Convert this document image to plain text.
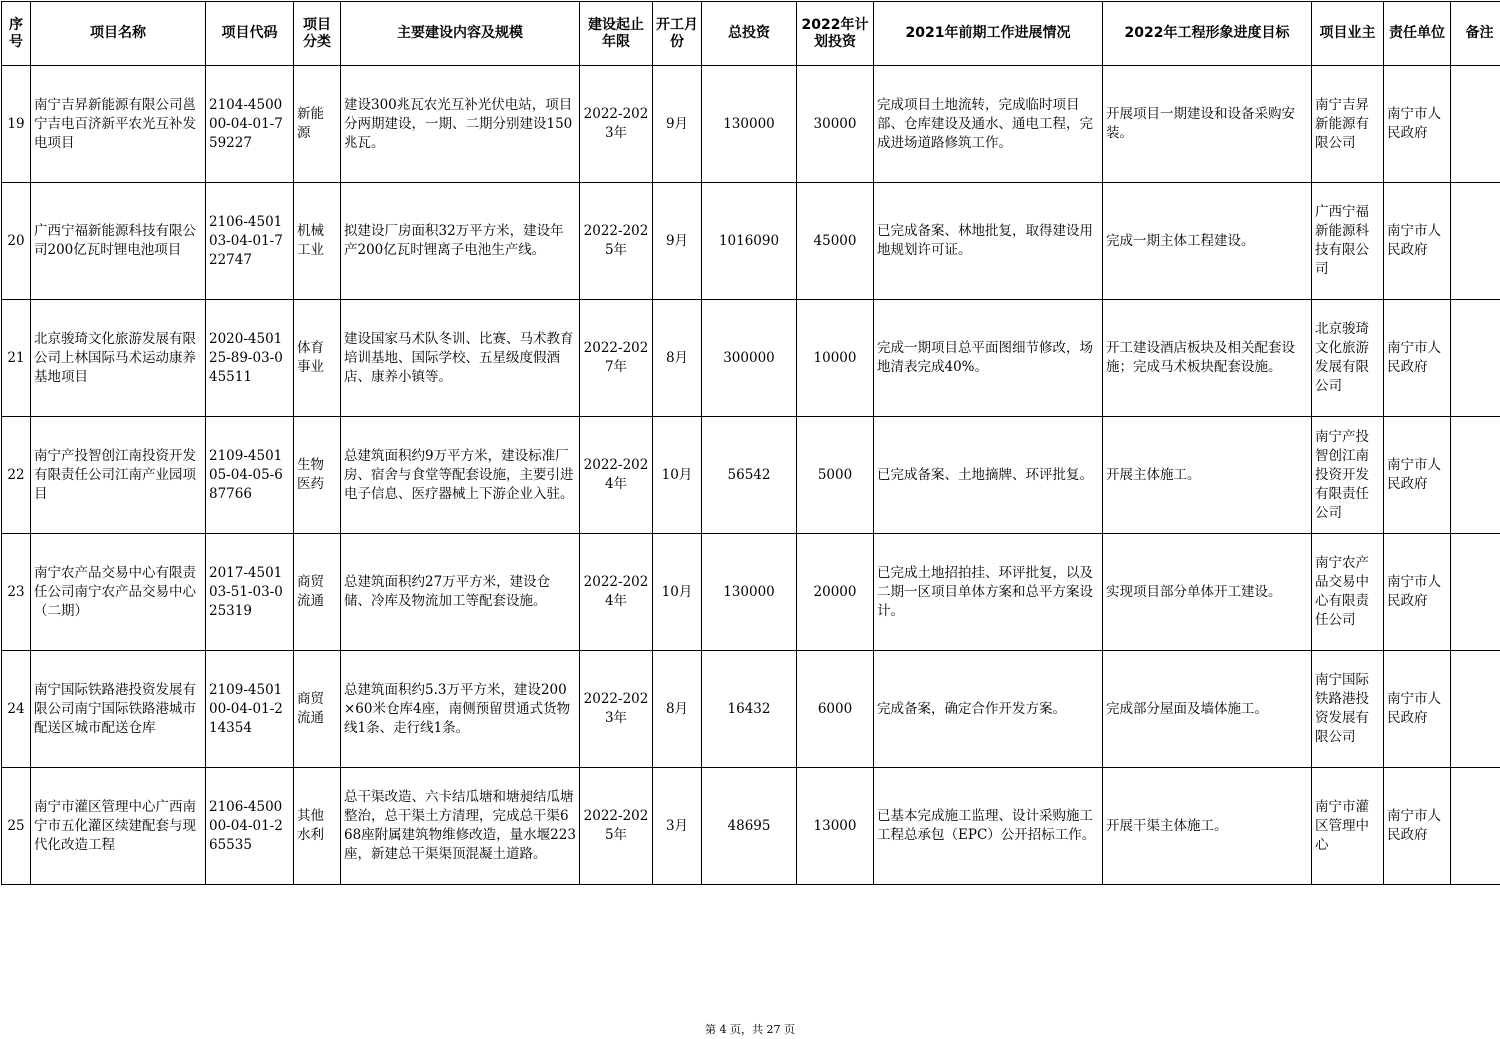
序号	项目名称	项目代码	项目分类	主要建设内容及规模	建设起止年限	开工月份	总投资	2022年计划投资	2021年前期工作进展情况	2022年工程形象进度目标	项目业主	责任单位	备注
19	南宁吉昇新能源有限公司邕宁吉电百济新平农光互补发电项目	2104-450000-04-01-759227	新能源	建设300兆瓦农光互补光伏电站，项目分两期建设，一期、二期分别建设150兆瓦。	2022-2023年	9月	130000	30000	完成项目土地流转，完成临时项目部、仓库建设及通水、通电工程，完成进场道路修筑工作。	开展项目一期建设和设备采购安装。	南宁吉昇新能源有限公司	南宁市人民政府	
20	广西宁福新能源科技有限公司200亿瓦时锂电池项目	2106-450103-04-01-722747	机械工业	拟建设厂房面积32万平方米，建设年产200亿瓦时锂离子电池生产线。	2022-2025年	9月	1016090	45000	已完成备案、林地批复，取得建设用地规划许可证。	完成一期主体工程建设。	广西宁福新能源科技有限公司	南宁市人民政府	
21	北京骏琦文化旅游发展有限公司上林国际马术运动康养基地项目	2020-450125-89-03-045511	体育事业	建设国家马术队冬训、比赛、马术教育培训基地、国际学校、五星级度假酒店、康养小镇等。	2022-2027年	8月	300000	10000	完成一期项目总平面图细节修改，场地清表完成40%。	开工建设酒店板块及相关配套设施；完成马术板块配套设施。	北京骏琦文化旅游发展有限公司	南宁市人民政府	
22	南宁产投智创江南投资开发有限责任公司江南产业园项目	2109-450105-04-05-687766	生物医药	总建筑面积约9万平方米，建设标准厂房、宿舍与食堂等配套设施，主要引进电子信息、医疗器械上下游企业入驻。	2022-2024年	10月	56542	5000	已完成备案、土地摘牌、环评批复。	开展主体施工。	南宁产投智创江南投资开发有限责任公司	南宁市人民政府	
23	南宁农产品交易中心有限责任公司南宁农产品交易中心（二期）	2017-450103-51-03-025319	商贸流通	总建筑面积约27万平方米，建设仓储、冷库及物流加工等配套设施。	2022-2024年	10月	130000	20000	已完成土地招拍挂、环评批复，以及二期一区项目单体方案和总平方案设计。	实现项目部分单体开工建设。	南宁农产品交易中心有限责任公司	南宁市人民政府	
24	南宁国际铁路港投资发展有限公司南宁国际铁路港城市配送区城市配送仓库	2109-450100-04-01-214354	商贸流通	总建筑面积约5.3万平方米，建设200×60米仓库4座，南侧预留贯通式货物线1条、走行线1条。	2022-2023年	8月	16432	6000	完成备案，确定合作开发方案。	完成部分屋面及墙体施工。	南宁国际铁路港投资发展有限公司	南宁市人民政府	
25	南宁市灌区管理中心广西南宁市五化灌区续建配套与现代化改造工程	2106-450000-04-01-265535	其他水利	总干渠改造、六卡结瓜塘和塘昶结瓜塘整治，总干渠土方清理，完成总干渠668座附属建筑物维修改造，量水堰223座，新建总干渠渠顶混凝土道路。	2022-2025年	3月	48695	13000	已基本完成施工监理、设计采购施工工程总承包（EPC）公开招标工作。	开展干渠主体施工。	南宁市灌区管理中心	南宁市人民政府	
第 4 页，共 27 页
